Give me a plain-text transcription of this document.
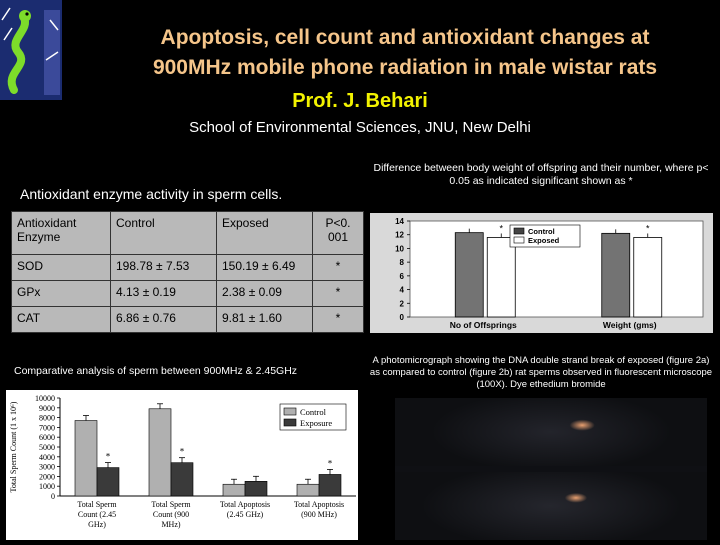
Apoptosis, cell count and antioxidant changes at
900MHz mobile phone radiation in male wistar rats
Prof. J. Behari
School of Environmental Sciences, JNU, New Delhi
Difference between body weight of offspring and their number, where p< 0.05 as indicated significant shown as *
Antioxidant enzyme activity in sperm cells.
Antioxidant Enzyme	Control	Exposed	P<0. 001
SOD	198.78 ± 7.53	150.19 ± 6.49	*
GPx	4.13 ± 0.19	2.38 ± 0.09	*
CAT	6.86 ± 0.76	9.81 ± 1.60	*	0
2
4
6
8
10
12
14
*
No of Offsprings
*
Weight (gms)
Control
Exposed
Comparative analysis of sperm between 900MHz & 2.45GHz
A photomicrograph showing the DNA double strand break of exposed (figure 2a) as compared to control (figure 2b) rat sperms observed in fluorescent microscope (100X). Dye ethedium bromide
Total Sperm Count (1 x 10⁶)
0
1000
2000
3000
4000
5000
6000
7000
8000
9000
10000
*
Total Sperm Count (2.45 GHz)
*
Total Sperm Count (900 MHz)
Total Apoptosis (2.45 GHz)
*
Total Apoptosis (900 MHz)
Control
Exposure
